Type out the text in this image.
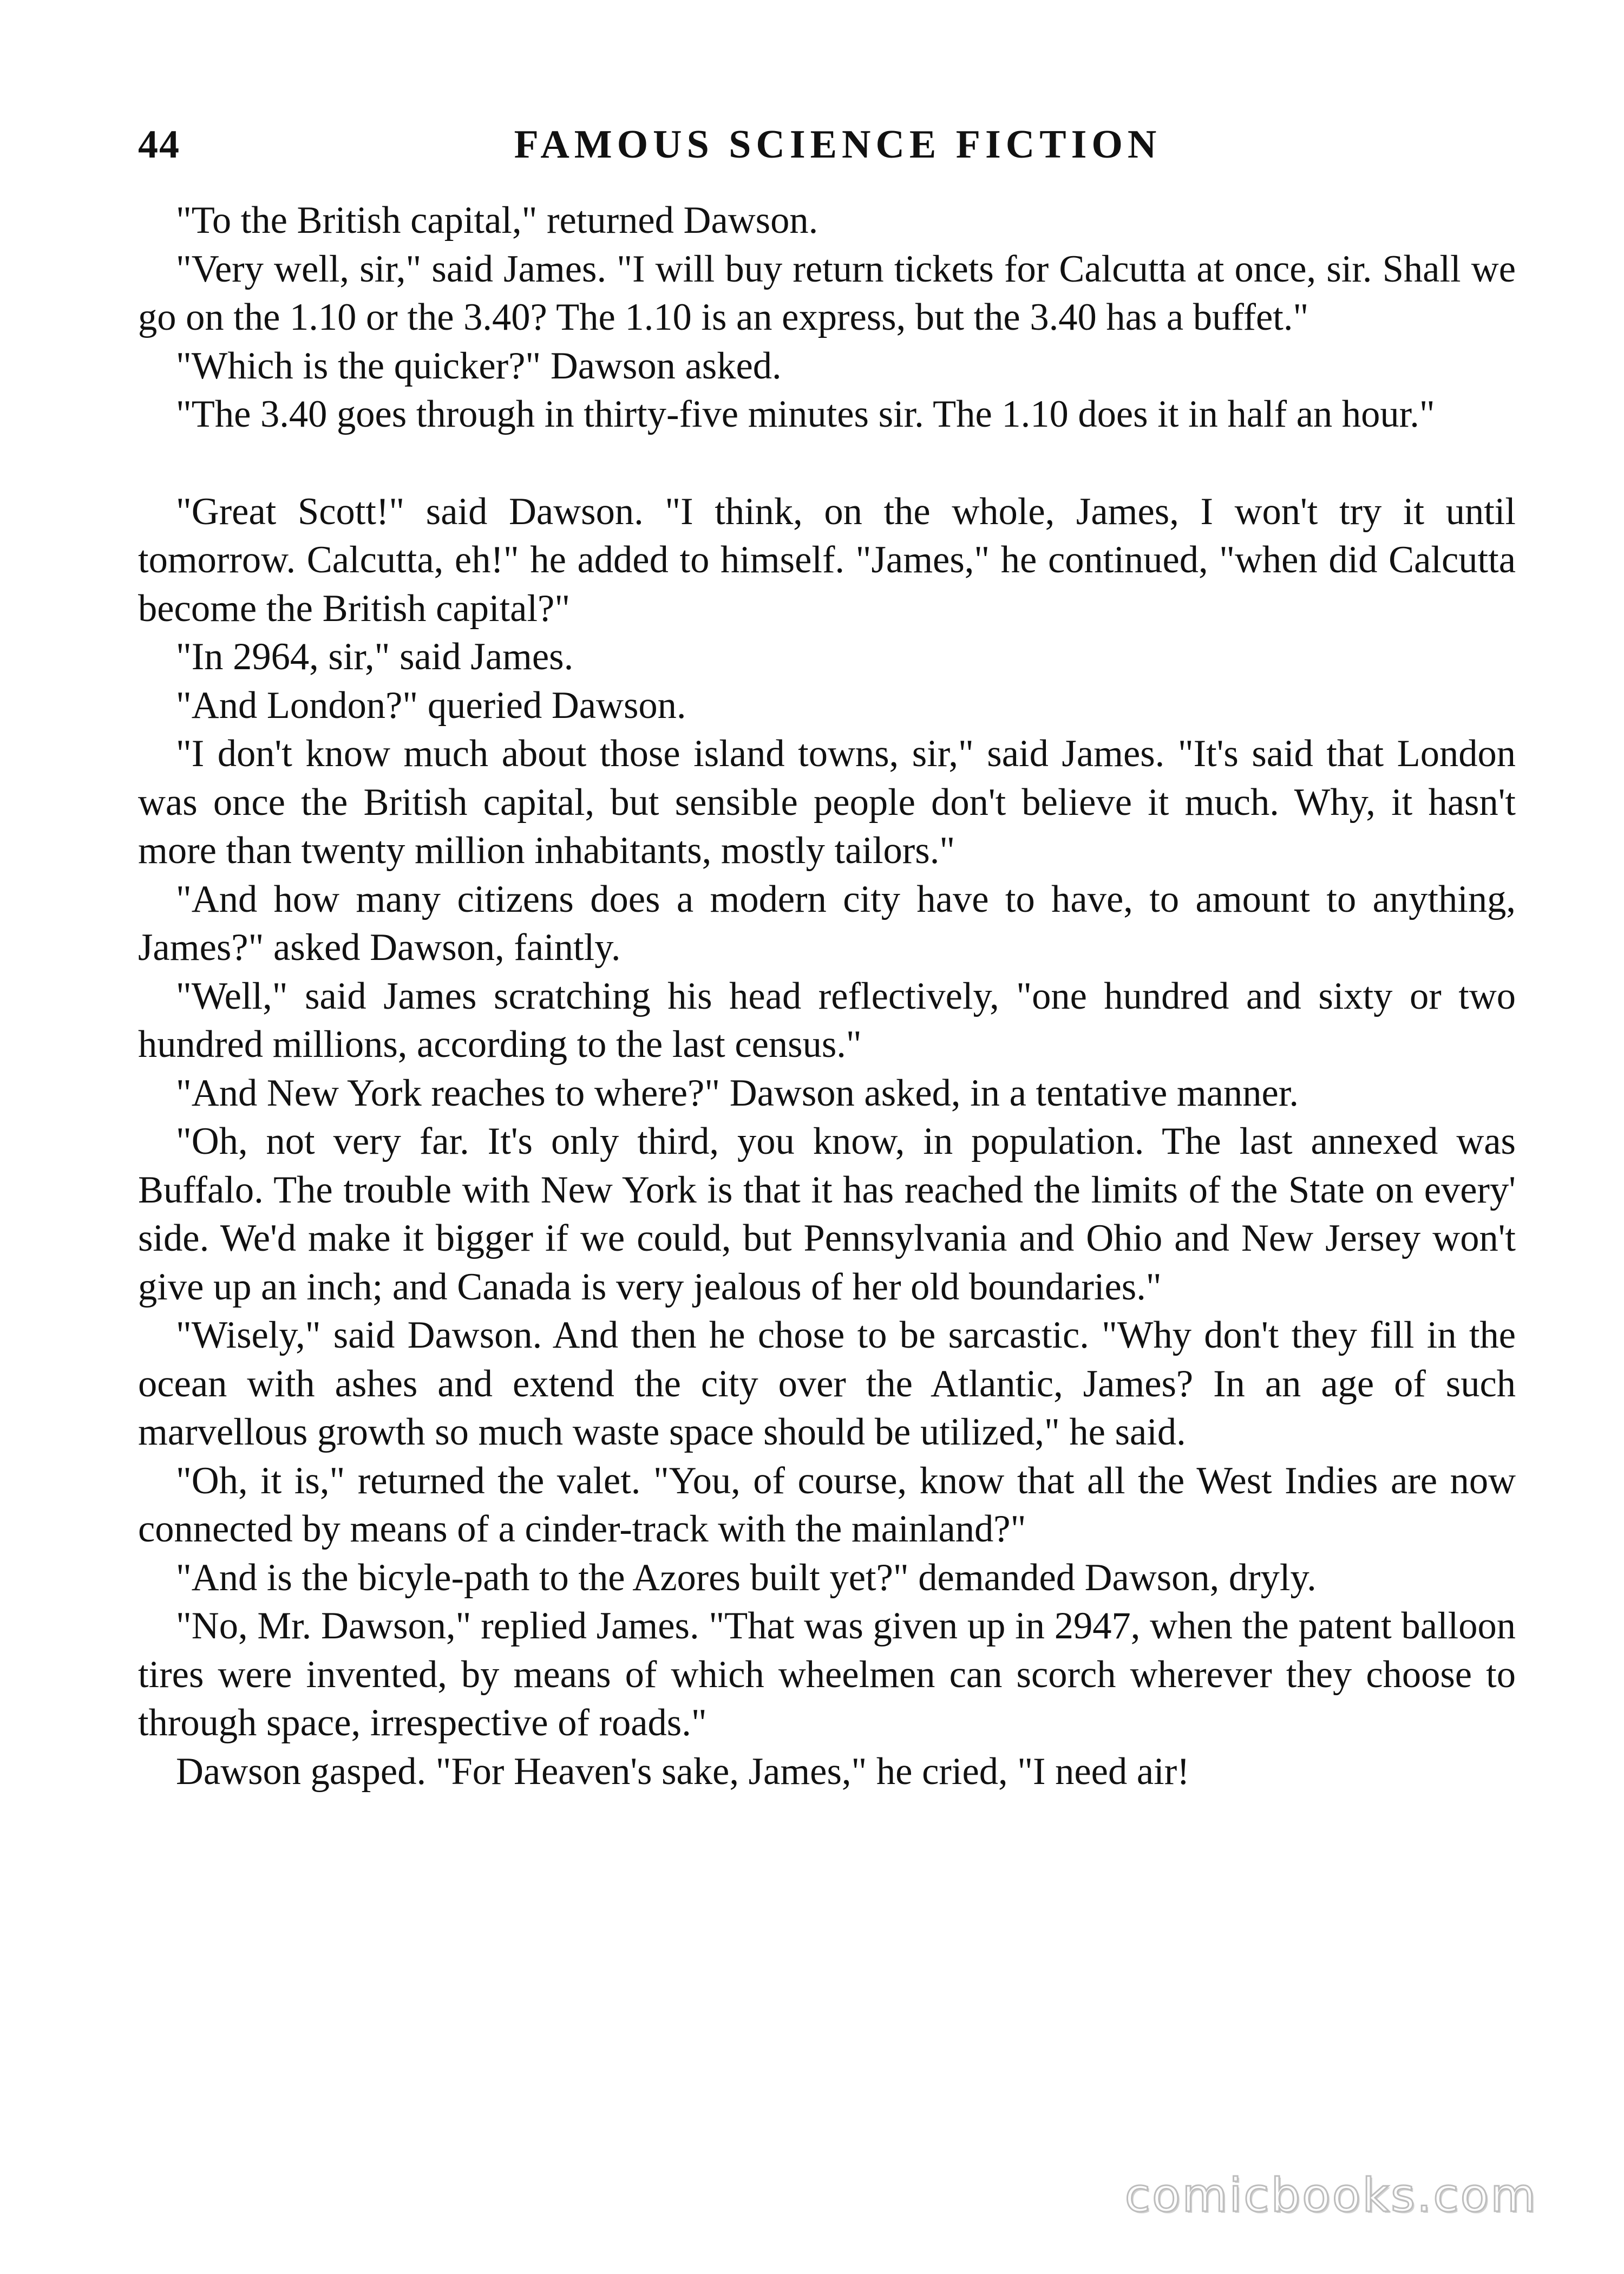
44	FAMOUS SCIENCE FICTION

"To the British capital," returned Dawson.

"Very well, sir," said James. "I will buy return tickets for Calcutta at once, sir. Shall we go on the 1.10 or the 3.40? The 1.10 is an express, but the 3.40 has a buffet."

"Which is the quicker?" Dawson asked.

"The 3.40 goes through in thirty-five minutes sir. The 1.10 does it in half an hour."

"Great Scott!" said Dawson. "I think, on the whole, James, I won't try it until tomorrow. Calcutta, eh!" he added to himself. "James," he continued, "when did Calcutta become the British capital?"

"In 2964, sir," said James.

"And London?" queried Dawson.

"I don't know much about those island towns, sir," said James. "It's said that London was once the British capital, but sensible people don't believe it much. Why, it hasn't more than twenty million inhabitants, mostly tailors."

"And how many citizens does a modern city have to have, to amount to anything, James?" asked Dawson, faintly.

"Well," said James scratching his head reflectively, "one hundred and sixty or two hundred millions, according to the last census."

"And New York reaches to where?" Dawson asked, in a tentative manner.

"Oh, not very far. It's only third, you know, in population. The last annexed was Buffalo. The trouble with New York is that it has reached the limits of the State on every' side. We'd make it bigger if we could, but Pennsylvania and Ohio and New Jersey won't give up an inch; and Canada is very jealous of her old boundaries."

"Wisely," said Dawson. And then he chose to be sarcastic. "Why don't they fill in the ocean with ashes and extend the city over the Atlantic, James? In an age of such marvellous growth so much waste space should be utilized," he said.

"Oh, it is," returned the valet. "You, of course, know that all the West Indies are now connected by means of a cinder-track with the mainland?"

"And is the bicyle-path to the Azores built yet?" demanded Dawson, dryly.

"No, Mr. Dawson," replied James. "That was given up in 2947, when the patent balloon tires were invented, by means of which wheelmen can scorch wherever they choose to through space, irrespective of roads."

Dawson gasped. "For Heaven's sake, James," he cried, "I need air!

comicbooks.com
